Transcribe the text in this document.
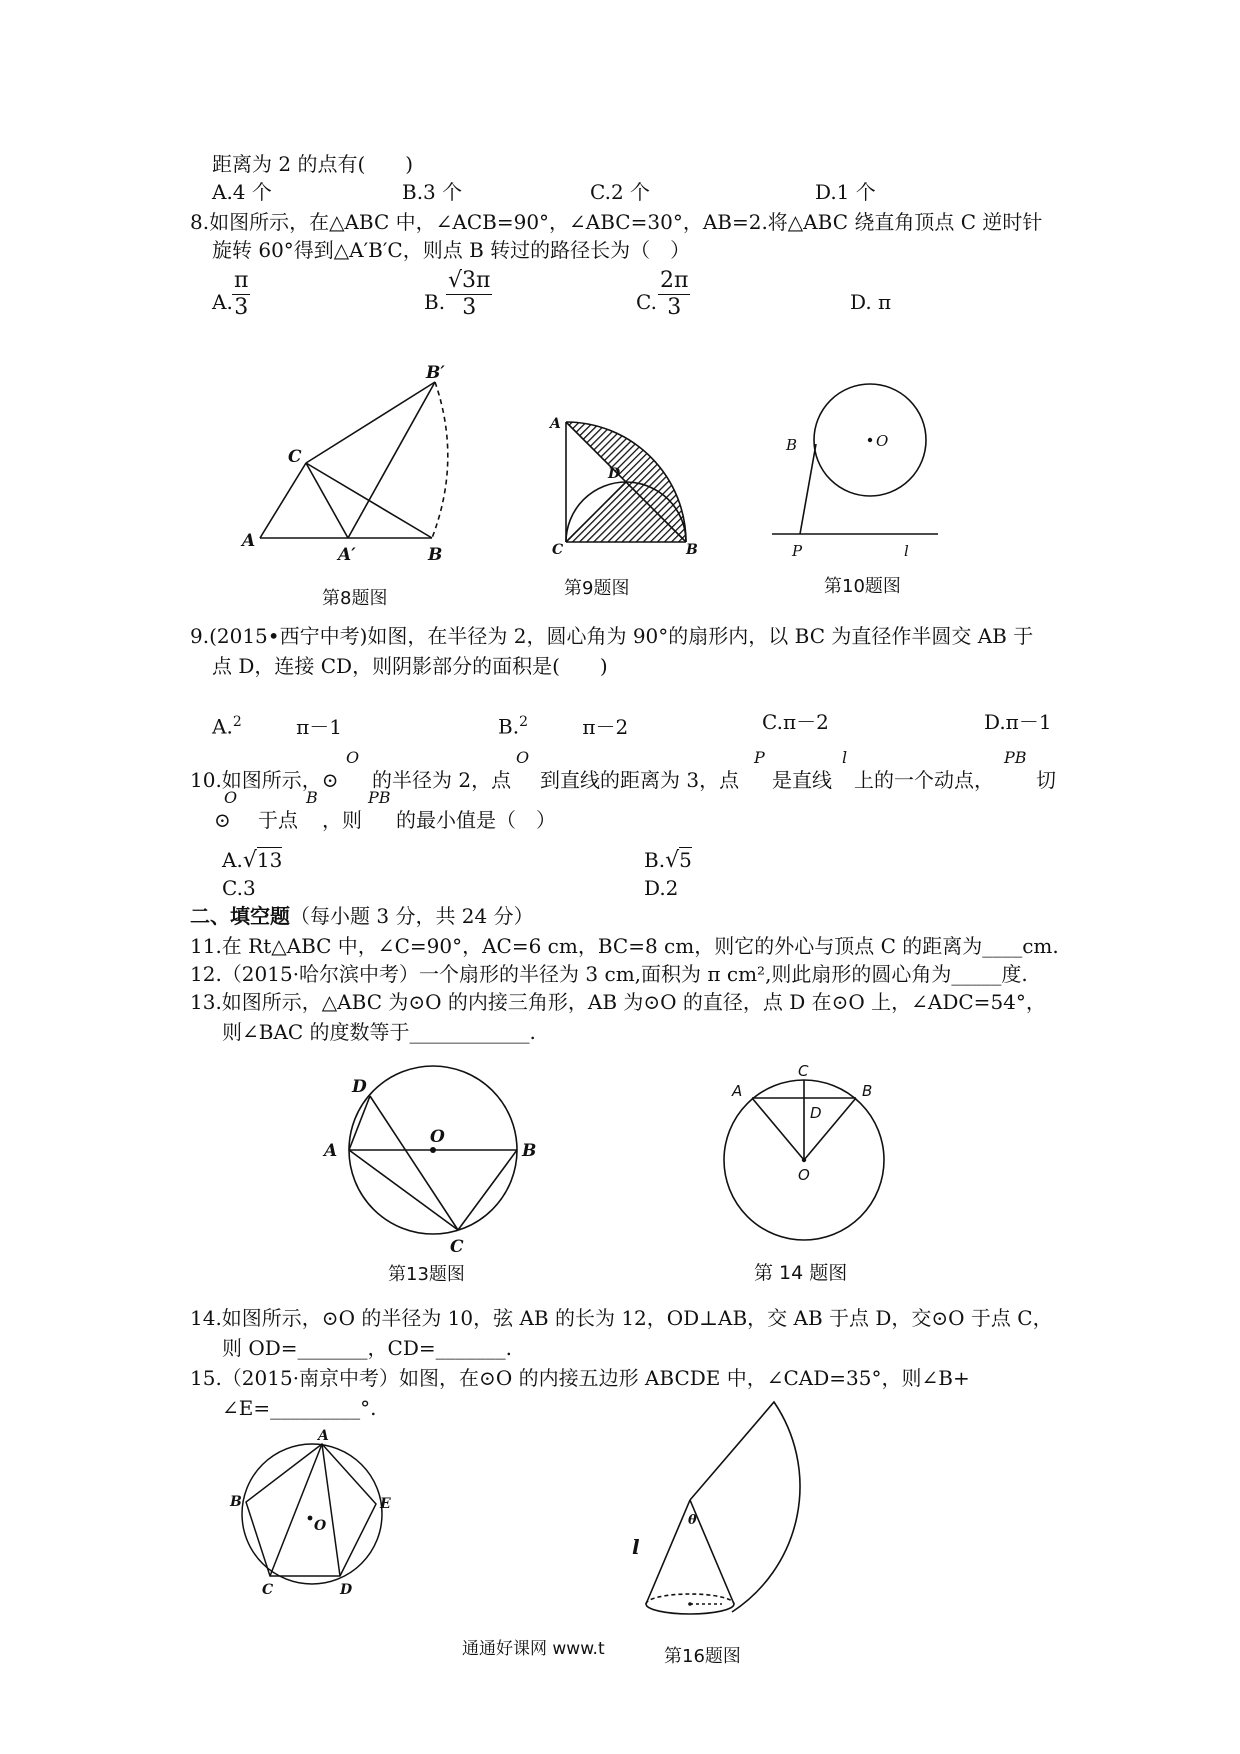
距离为 2 的点有(　　)
A.4 个	B.3 个	C.2 个	D.1 个
8.如图所示，在△ABC 中，∠ACB=90°，∠ABC=30°，AB=2.将△ABC 绕直角顶点 C 逆时针
旋转 60°得到△A′B′C，则点 B 转过的路径长为（　）
A. $\frac{\pi}{3}$	B. $\frac{√3\pi}{3}$	C. $\frac{2\pi}{3}$	D. π
B′
C
A
A′	B
第8题图
A
D
C	B
第9题图
B	O
P	l
第10题图
9.(2015•西宁中考)如图，在半径为 2，圆心角为 90°的扇形内，以 BC 为直径作半圆交 AB 于
点 D，连接 CD，则阴影部分的面积是(　　)
A.$^2$	π－1	B.$^2$	π－2	C.π－2	D.π－1
O	O	P	l	PB
10.如图所示，⊙ 的半径为 2，点 到直线的距离为 3，点 是直线 上的一个动点， 切
O	B	PB
⊙ 于点 ，则 的最小值是（　）
A.√13	B.√5
C.3	D.2
二、填空题（每小题 3 分，共 24 分）
11.在 Rt△ABC 中，∠C=90°，AC=6 cm，BC=8 cm，则它的外心与顶点 C 的距离为____cm.
12.（2015·哈尔滨中考）一个扇形的半径为 3 cm,面积为 π cm²,则此扇形的圆心角为_____度.
13.如图所示，△ABC 为⊙O 的内接三角形，AB 为⊙O 的直径，点 D 在⊙O 上，∠ADC=54°，
则∠BAC 的度数等于____________.
D
O
A	B
C
第13题图
C
A	B
D
O
第 14 题图
14.如图所示，⊙O 的半径为 10，弦 AB 的长为 12，OD⊥AB，交 AB 于点 D，交⊙O 于点 C，
则 OD=_______，CD=_______.
15.（2015·南京中考）如图，在⊙O 的内接五边形 ABCDE 中，∠CAD=35°，则∠B+
∠E=_________°.
A
B
O
E
C	D
θ
l
第16题图
通通好课网 www.t
